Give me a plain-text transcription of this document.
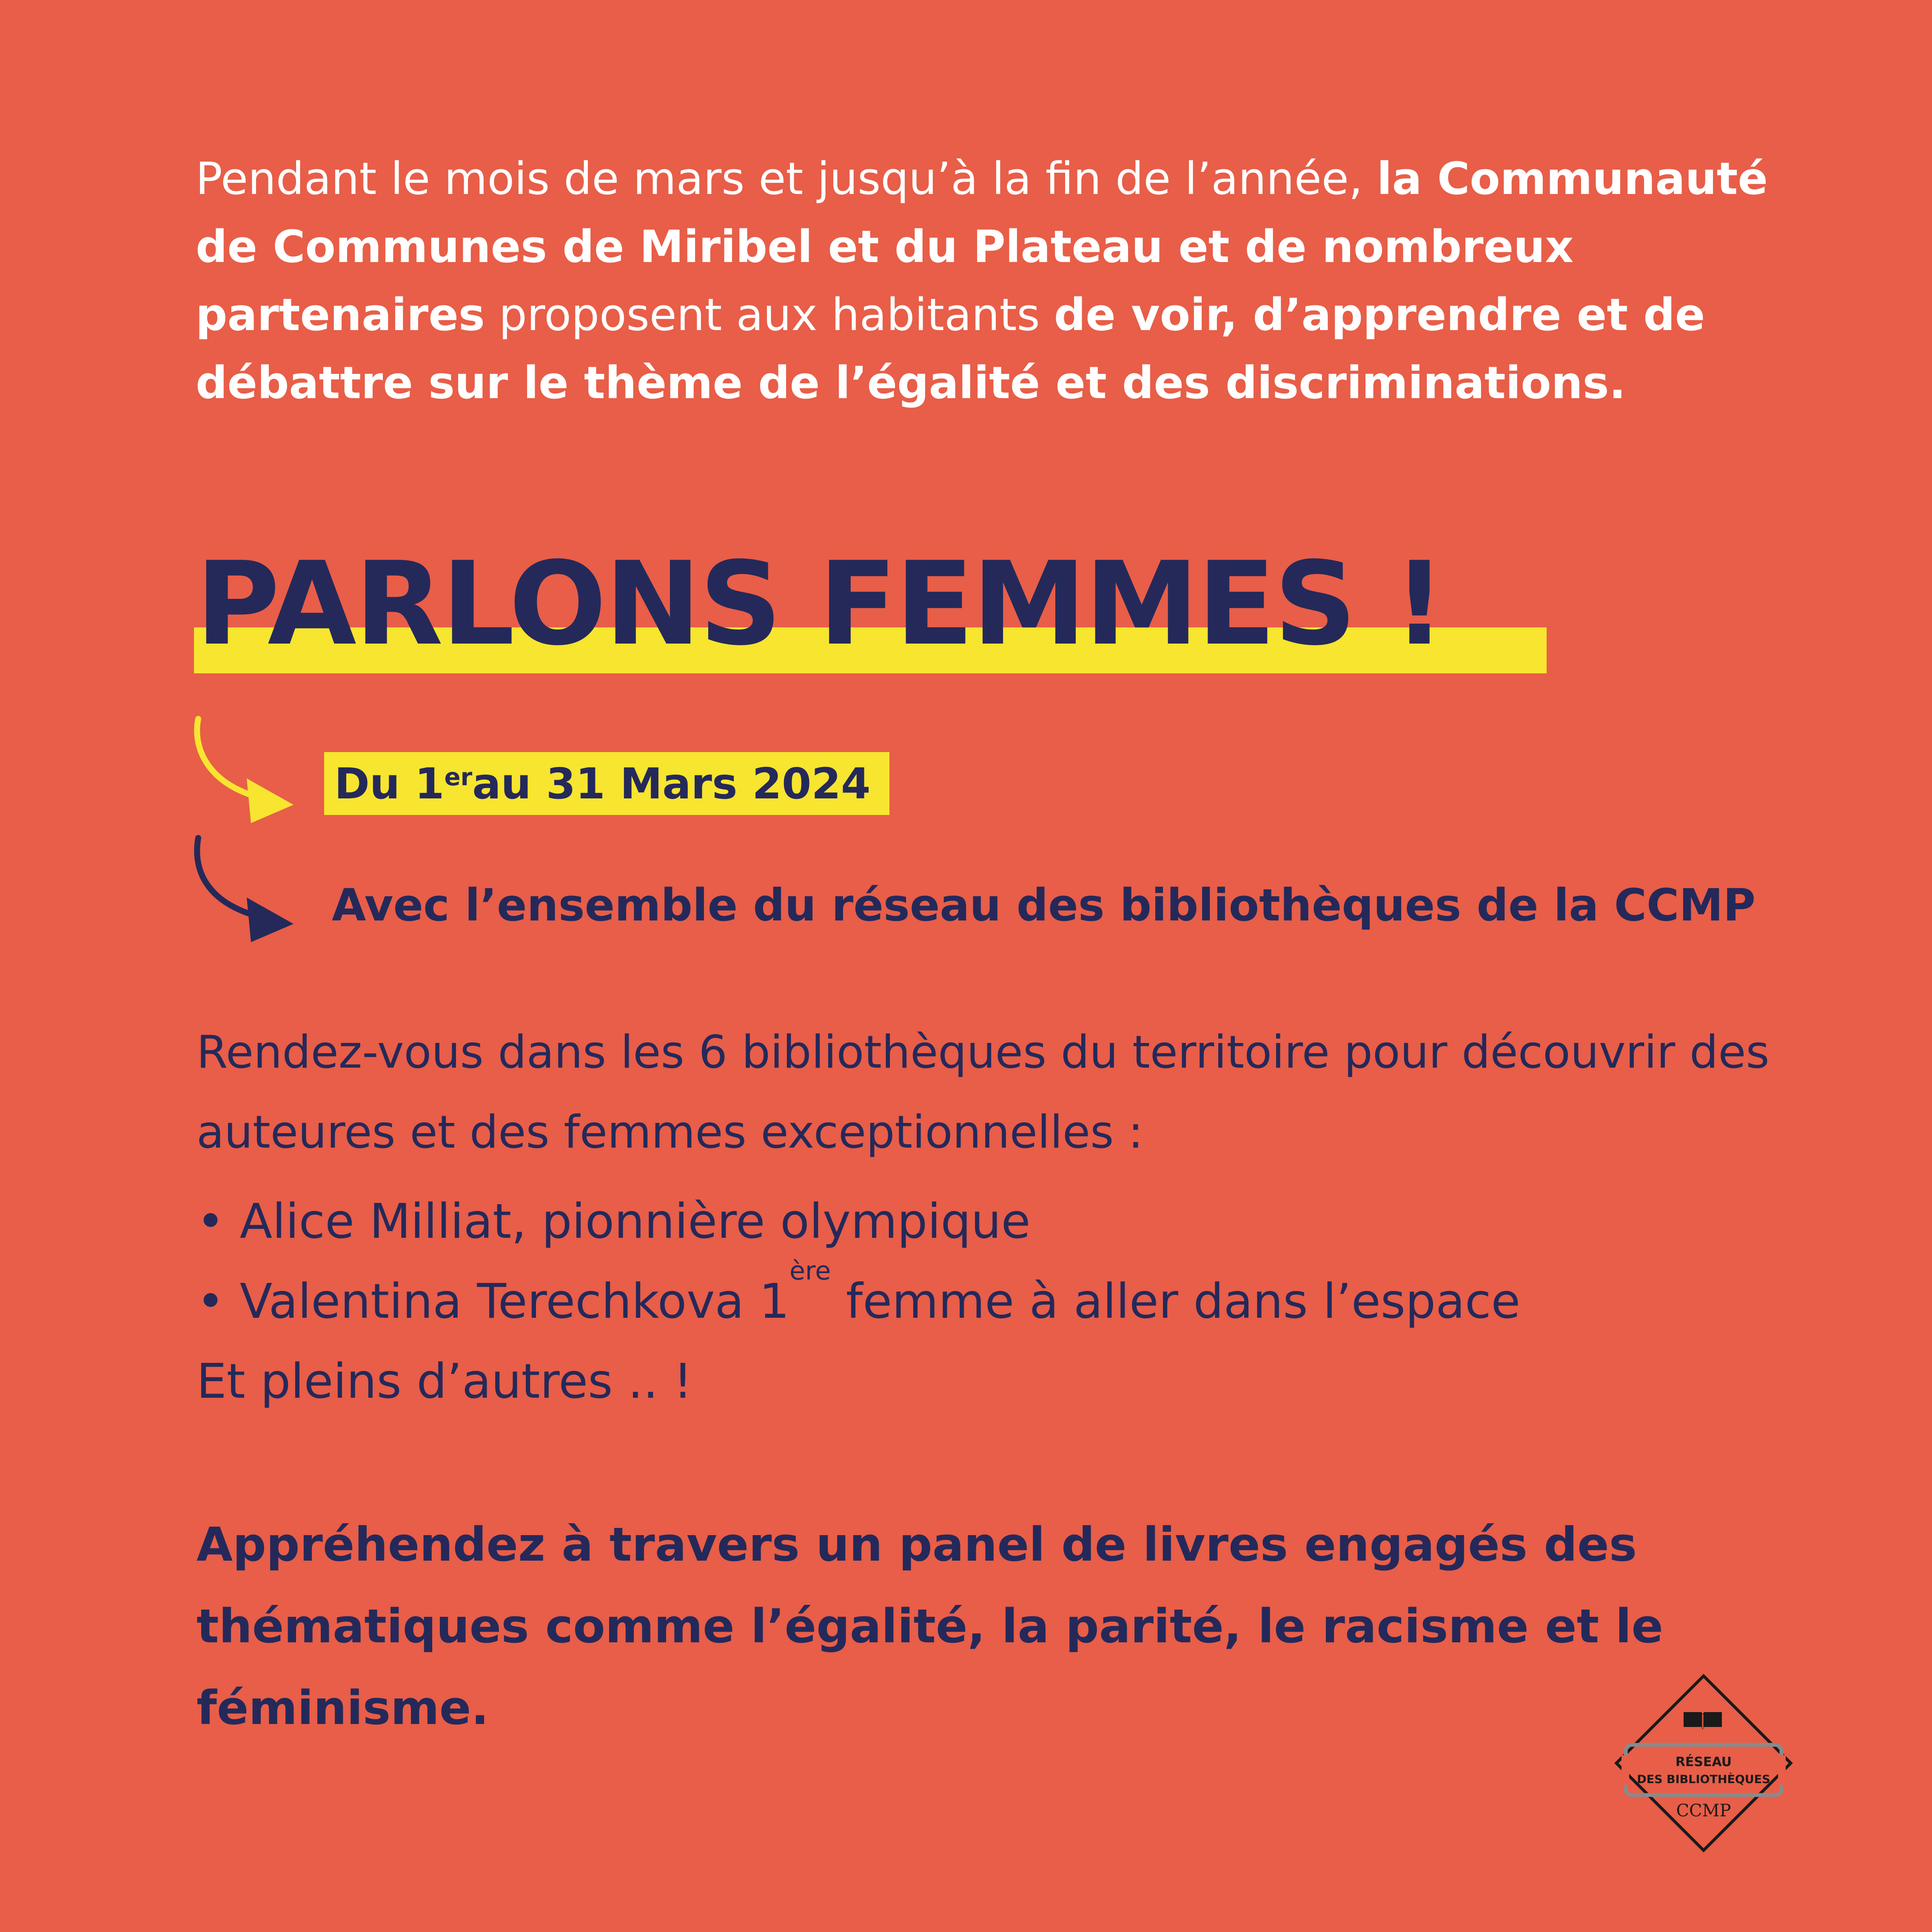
Pendant le mois de mars et jusqu’à la fin de l’année, la Communauté de Communes de Miribel et du Plateau et de nombreux partenaires proposent aux habitants de voir, d’apprendre et de débattre sur le thème de l’égalité et des discriminations.
PARLONS FEMMES !
Du 1er au 31 Mars 2024
Avec l’ensemble du réseau des bibliothèques de la CCMP
Rendez-vous dans les 6 bibliothèques du territoire pour découvrir des auteures et des femmes exceptionnelles :
• Alice Milliat, pionnière olympique
• Valentina Terechkova 1ère femme à aller dans l’espace
Et pleins d’autres .. !
Appréhendez à travers un panel de livres engagés des thématiques comme l’égalité, la parité, le racisme et le féminisme.
RÉSEAU
DES BIBLIOTHÈQUES
CCMP
